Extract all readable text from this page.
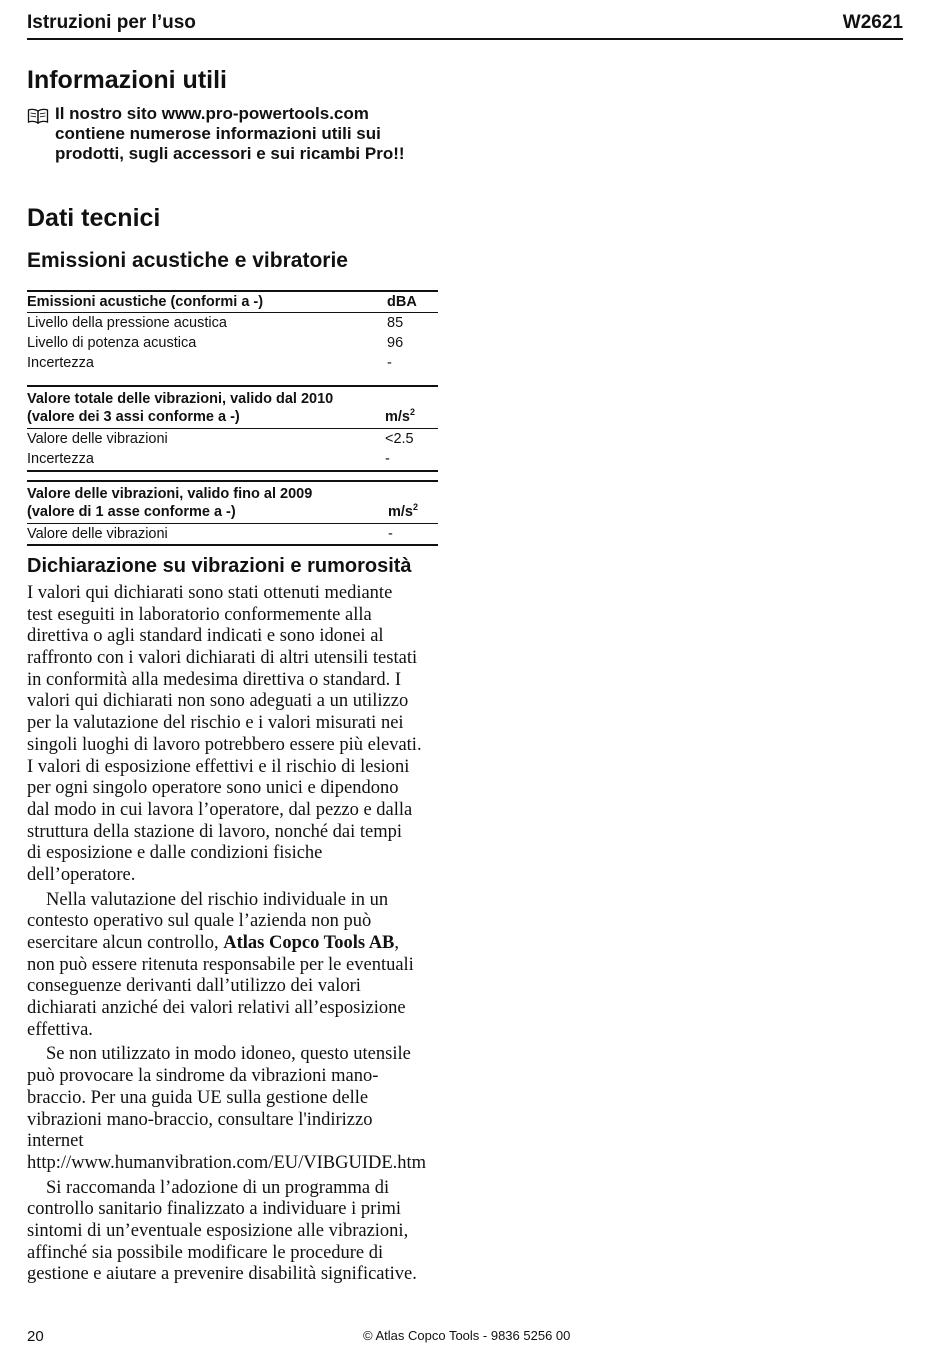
Istruzioni per l’uso	W2621
Informazioni utili
Il nostro sito www.pro-powertools.com
contiene numerose informazioni utili sui
prodotti, sugli accessori e sui ricambi Pro!!
Dati tecnici
Emissioni acustiche e vibratorie
Emissioni acustiche (conformi a -)	dBA
Livello della pressione acustica	85
Livello di potenza acustica	96
Incertezza	-
Valore totale delle vibrazioni, valido dal 2010
(valore dei 3 assi conforme a -)	$m/s^2$
Valore delle vibrazioni	<2.5
Incertezza	-
Valore delle vibrazioni, valido fino al 2009
(valore di 1 asse conforme a -)	$m/s^2$
Valore delle vibrazioni	-
Dichiarazione su vibrazioni e rumorosità
I valori qui dichiarati sono stati ottenuti mediante
test eseguiti in laboratorio conformemente alla
direttiva o agli standard indicati e sono idonei al
raffronto con i valori dichiarati di altri utensili testati
in conformità alla medesima direttiva o standard. I
valori qui dichiarati non sono adeguati a un utilizzo
per la valutazione del rischio e i valori misurati nei
singoli luoghi di lavoro potrebbero essere più elevati.
I valori di esposizione effettivi e il rischio di lesioni
per ogni singolo operatore sono unici e dipendono
dal modo in cui lavora l’operatore, dal pezzo e dalla
struttura della stazione di lavoro, nonché dai tempi
di esposizione e dalle condizioni fisiche
dell’operatore.
Nella valutazione del rischio individuale in un
contesto operativo sul quale l’azienda non può
esercitare alcun controllo, Atlas Copco Tools AB,
non può essere ritenuta responsabile per le eventuali
conseguenze derivanti dall’utilizzo dei valori
dichiarati anziché dei valori relativi all’esposizione
effettiva.
Se non utilizzato in modo idoneo, questo utensile
può provocare la sindrome da vibrazioni mano-
braccio. Per una guida UE sulla gestione delle
vibrazioni mano-braccio, consultare l'indirizzo
internet
http://www.humanvibration.com/EU/VIBGUIDE.htm
Si raccomanda l’adozione di un programma di
controllo sanitario finalizzato a individuare i primi
sintomi di un’eventuale esposizione alle vibrazioni,
affinché sia possibile modificare le procedure di
gestione e aiutare a prevenire disabilità significative.
20	© Atlas Copco Tools - 9836 5256 00
